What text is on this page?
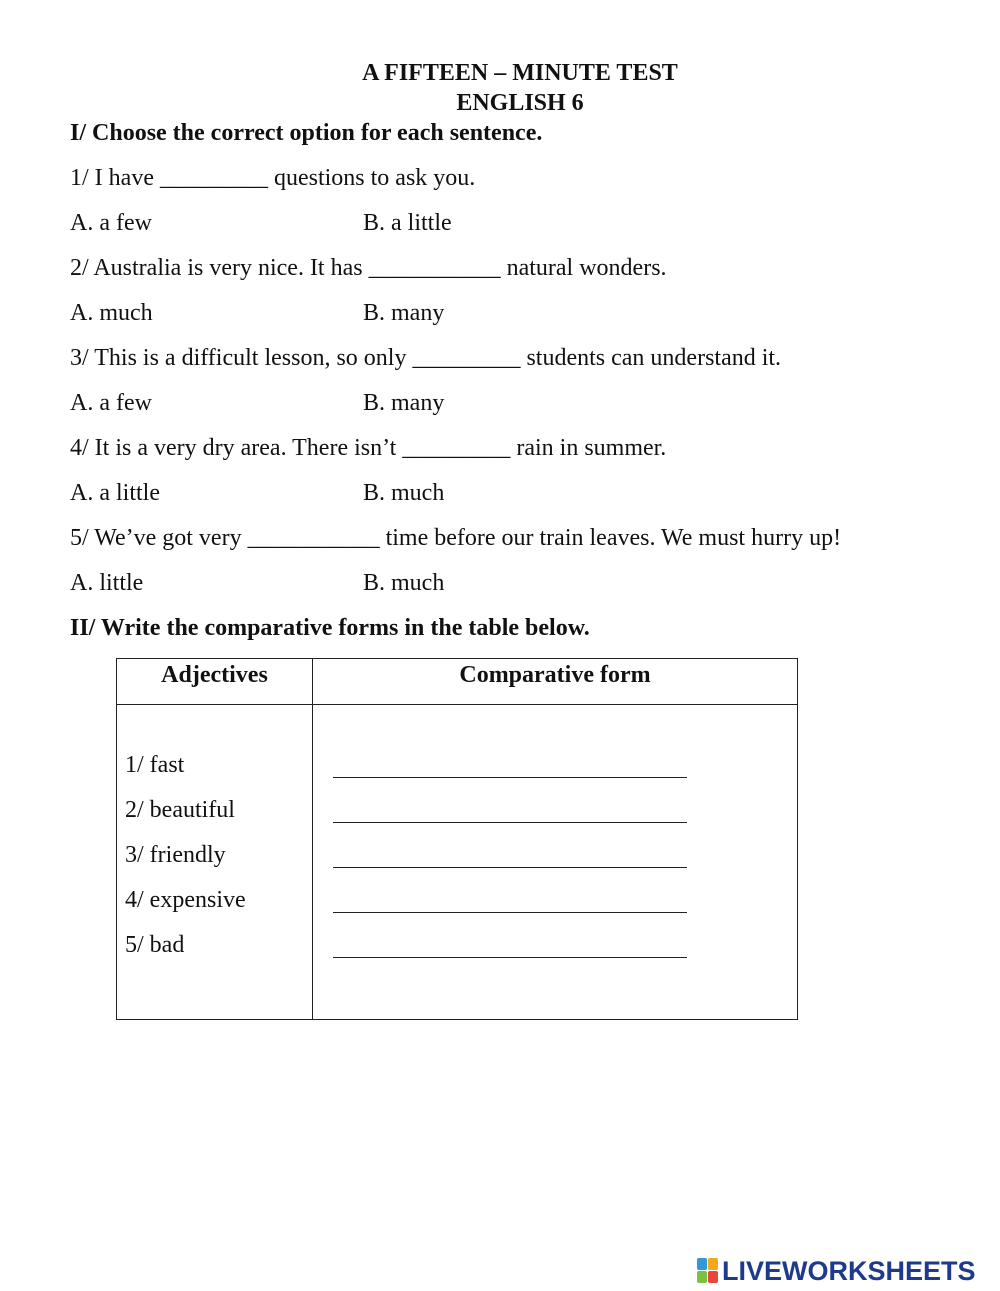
A FIFTEEN – MINUTE TEST
ENGLISH 6
I/ Choose the correct option for each sentence.
1/ I have _________ questions to ask you.
A. a few	B. a little
2/ Australia is very nice. It has ___________ natural wonders.
A. much	B. many
3/ This is a difficult lesson, so only _________ students can understand it.
A. a few	B. many
4/ It is a very dry area. There isn’t _________ rain in summer.
A. a little	B. much
5/ We’ve got very ___________ time before our train leaves. We must hurry up!
A. little	B. much
II/ Write the comparative forms in the table below.
Adjectives	Comparative form
1/ fast
2/ beautiful
3/ friendly
4/ expensive
5/ bad
LIVEWORKSHEETS
